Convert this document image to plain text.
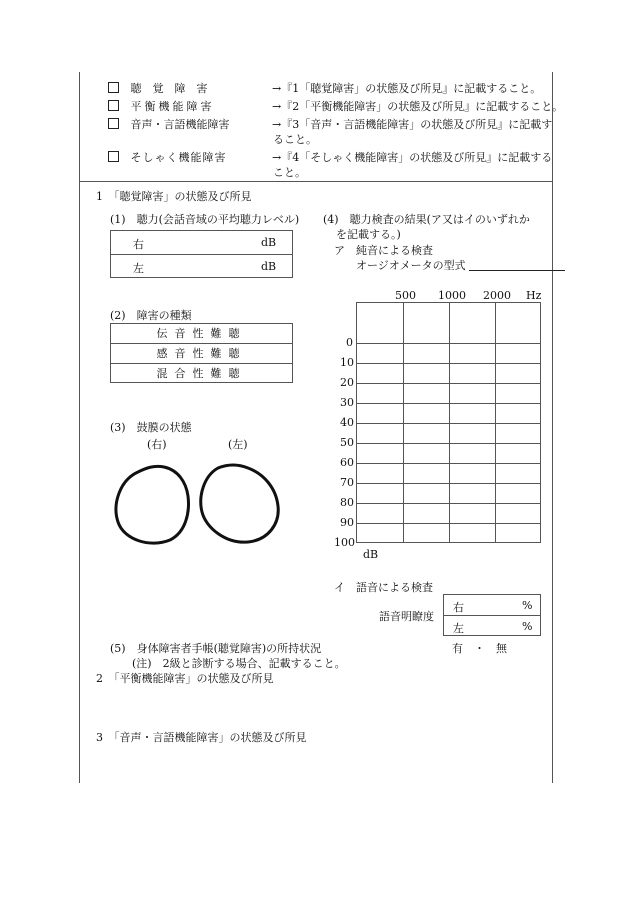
聴　覚　障　害	→『1「聴覚障害」の状態及び所見』に記載すること。
平衡機能障害	→『2「平衡機能障害」の状態及び所見』に記載すること。
音声・言語機能障害	→『3「音声・言語機能障害」の状態及び所見』に記載す
ること。
そしゃく機能障害	→『4「そしゃく機能障害」の状態及び所見』に記載する
こと。
1　「聴覚障害」の状態及び所見
(1)　聴力(会話音域の平均聴力レベル)
右	dB
左	dB
(2)　障害の種類
伝音性難聴
感音性難聴
混合性難聴
(3)　鼓膜の状態
(右)	(左)
(4)　聴力検査の結果(ア又はイのいずれか
を記載する。)
ア　純音による検査
オージオメータの型式
500 1000 2000 Hz
0
10
20
30
40
50
60
70
80
90
100
dB
イ　語音による検査
語音明瞭度
右	%
左	%
(5)　身体障害者手帳(聴覚障害)の所持状況	有　・　無
(注)　2級と診断する場合、記載すること。
2　「平衡機能障害」の状態及び所見
3　「音声・言語機能障害」の状態及び所見
